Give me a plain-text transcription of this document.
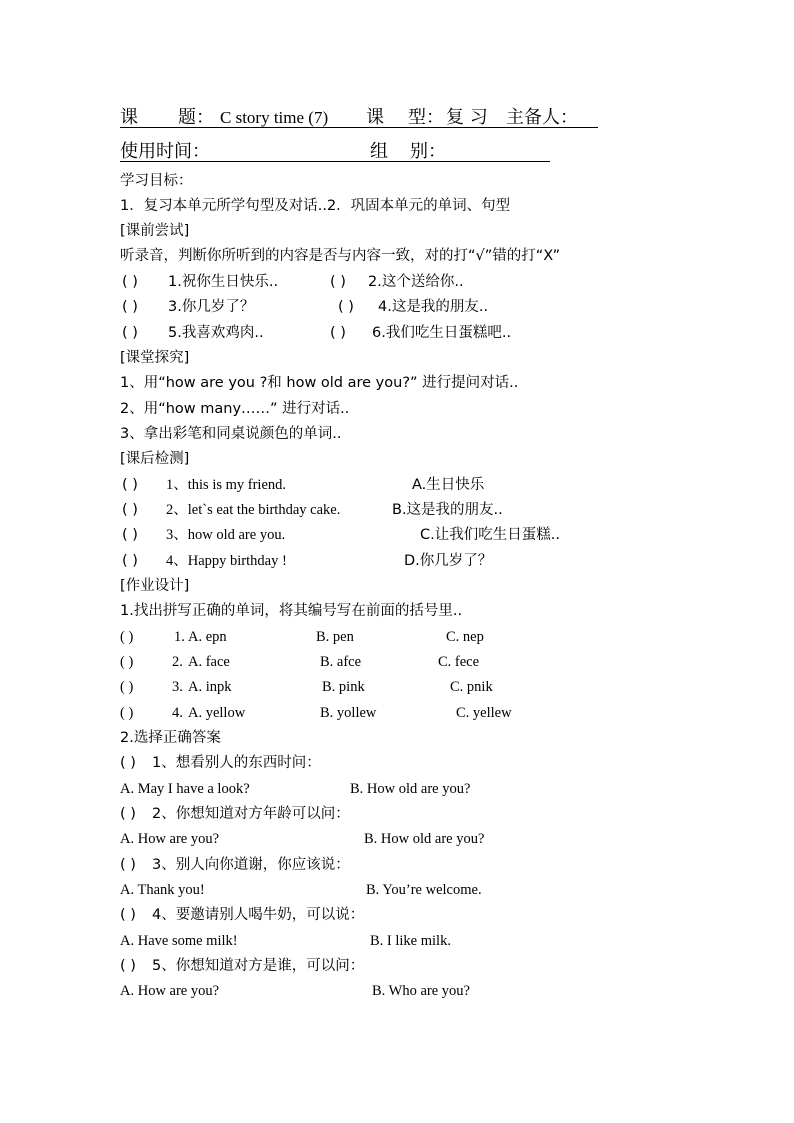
课 题： C story time (7) 课 型： 复 习 主备人：
使用时间：	组 别：
学习目标：
1．复习本单元所学句型及对话..2．巩固本单元的单词、句型
[课前尝试]
听录音，判断你所听到的内容是否与内容一致，对的打“√”错的打“X”
( ) 1.祝你生日快乐..	( ) 2.这个送给你..
( ) 3.你几岁了？	( ) 4.这是我的朋友..
( ) 5.我喜欢鸡肉..	( ) 6.我们吃生日蛋糕吧..
[课堂探究]
1、用“how are you ?和 how old are you?” 进行提问对话..
2、用“how many……” 进行对话..
3、拿出彩笔和同桌说颜色的单词..
[课后检测]
( ) 1、this is my friend.	A.生日快乐
( ) 2、let`s eat the birthday cake.	B.这是我的朋友..
( ) 3、how old are you.	C.让我们吃生日蛋糕..
( ) 4、Happy birthday !	D.你几岁了？
[作业设计]
1.找出拼写正确的单词，将其编号写在前面的括号里..
( )	1. A. epn	B. pen	C. nep
( )	2. A. face	B. afce	C. fece
( )	3. A. inpk	B. pink	C. pnik
( )	4. A. yellow	B. yollew	C. yellew
2.选择正确答案
( ) 1、想看别人的东西时问：
A. May I have a look?	B. How old are you?
( ) 2、你想知道对方年龄可以问：
A. How are you?	B. How old are you?
( ) 3、别人向你道谢，你应该说：
A. Thank you!	B. You’re welcome.
( ) 4、要邀请别人喝牛奶，可以说：
A. Have some milk!	B. I like milk.
( ) 5、你想知道对方是谁，可以问：
A. How are you?	B. Who are you?
